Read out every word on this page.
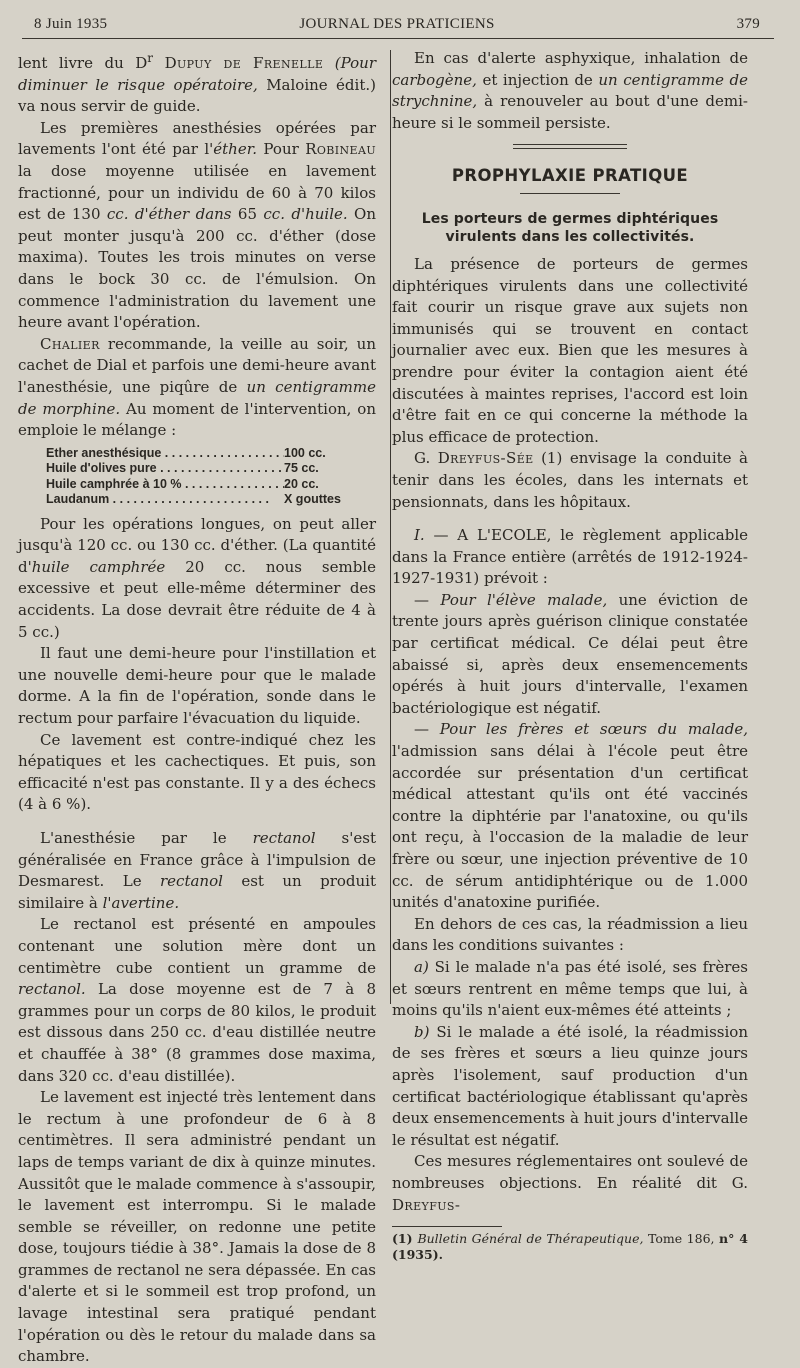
8 Juin 1935	JOURNAL DES PRATICIENS	379

lent livre du $D^r$ Dupuy de Frenelle (Pour diminuer le risque opératoire, Maloine édit.) va nous servir de guide.

Les premières anesthésies opérées par lavements l'ont été par l'éther. Pour Robineau la dose moyenne utilisée en lavement fractionné, pour un individu de 60 à 70 kilos est de 130 cc. d'éther dans 65 cc. d'huile. On peut monter jusqu'à 200 cc. d'éther (dose maxima). Toutes les trois minutes on verse dans le bock 30 cc. de l'émulsion. On commence l'administration du lavement une heure avant l'opération.

Chalier recommande, la veille au soir, un cachet de Dial et parfois une demi-heure avant l'anesthésie, une piqûre de un centigramme de morphine. Au moment de l'intervention, on emploie le mélange :

Ether anesthésique . . .	100 cc.
Huile d'olives pure . . .	75 cc.
Huile camphrée à 10 % . . .	20 cc.
Laudanum . . .	X gouttes

Pour les opérations longues, on peut aller jusqu'à 120 cc. ou 130 cc. d'éther. (La quantité d'huile camphrée 20 cc. nous semble excessive et peut elle-même déterminer des accidents. La dose devrait être réduite de 4 à 5 cc.)

Il faut une demi-heure pour l'instillation et une nouvelle demi-heure pour que le malade dorme. A la fin de l'opération, sonde dans le rectum pour parfaire l'évacuation du liquide.

Ce lavement est contre-indiqué chez les hépatiques et les cachectiques. Et puis, son efficacité n'est pas constante. Il y a des échecs (4 à 6 %).

L'anesthésie par le rectanol s'est généralisée en France grâce à l'impulsion de Desmarest. Le rectanol est un produit similaire à l'avertine.

Le rectanol est présenté en ampoules contenant une solution mère dont un centimètre cube contient un gramme de rectanol. La dose moyenne est de 7 à 8 grammes pour un corps de 80 kilos, le produit est dissous dans 250 cc. d'eau distillée neutre et chauffée à 38° (8 grammes dose maxima, dans 320 cc. d'eau distillée).

Le lavement est injecté très lentement dans le rectum à une profondeur de 6 à 8 centimètres. Il sera administré pendant un laps de temps variant de dix à quinze minutes. Aussitôt que le malade commence à s'assoupir, le lavement est interrompu. Si le malade semble se réveiller, on redonne une petite dose, toujours tiédie à 38°. Jamais la dose de 8 grammes de rectanol ne sera dépassée. En cas d'alerte et si le sommeil est trop profond, un lavage intestinal sera pratiqué pendant l'opération ou dès le retour du malade dans sa chambre.

En cas d'alerte asphyxique, inhalation de carbogène, et injection de un centigramme de strychnine, à renouveler au bout d'une demi-heure si le sommeil persiste.

PROPHYLAXIE PRATIQUE
Les porteurs de germes diphtériques virulents dans les collectivités.

La présence de porteurs de germes diphtériques virulents dans une collectivité fait courir un risque grave aux sujets non immunisés qui se trouvent en contact journalier avec eux. Bien que les mesures à prendre pour éviter la contagion aient été discutées à maintes reprises, l'accord est loin d'être fait en ce qui concerne la méthode la plus efficace de protection.

G. Dreyfus-Sée (1) envisage la conduite à tenir dans les écoles, dans les internats et pensionnats, dans les hôpitaux.

I. — A L'ECOLE, le règlement applicable dans la France entière (arrêtés de 1912-1924-1927-1931) prévoit :

— Pour l'élève malade, une éviction de trente jours après guérison clinique constatée par certificat médical. Ce délai peut être abaissé si, après deux ensemencements opérés à huit jours d'intervalle, l'examen bactériologique est négatif.

— Pour les frères et sœurs du malade, l'admission sans délai à l'école peut être accordée sur présentation d'un certificat médical attestant qu'ils ont été vaccinés contre la diphtérie par l'anatoxine, ou qu'ils ont reçu, à l'occasion de la maladie de leur frère ou sœur, une injection préventive de 10 cc. de sérum antidiphtérique ou de 1.000 unités d'anatoxine purifiée.

En dehors de ces cas, la réadmission a lieu dans les conditions suivantes :

a) Si le malade n'a pas été isolé, ses frères et sœurs rentrent en même temps que lui, à moins qu'ils n'aient eux-mêmes été atteints ;

b) Si le malade a été isolé, la réadmission de ses frères et sœurs a lieu quinze jours après l'isolement, sauf production d'un certificat bactériologique établissant qu'après deux ensemencements à huit jours d'intervalle le résultat est négatif.

Ces mesures réglementaires ont soulevé de nombreuses objections. En réalité dit G. Dreyfus-

(1) Bulletin Général de Thérapeutique, Tome 186, n° 4 (1935).
